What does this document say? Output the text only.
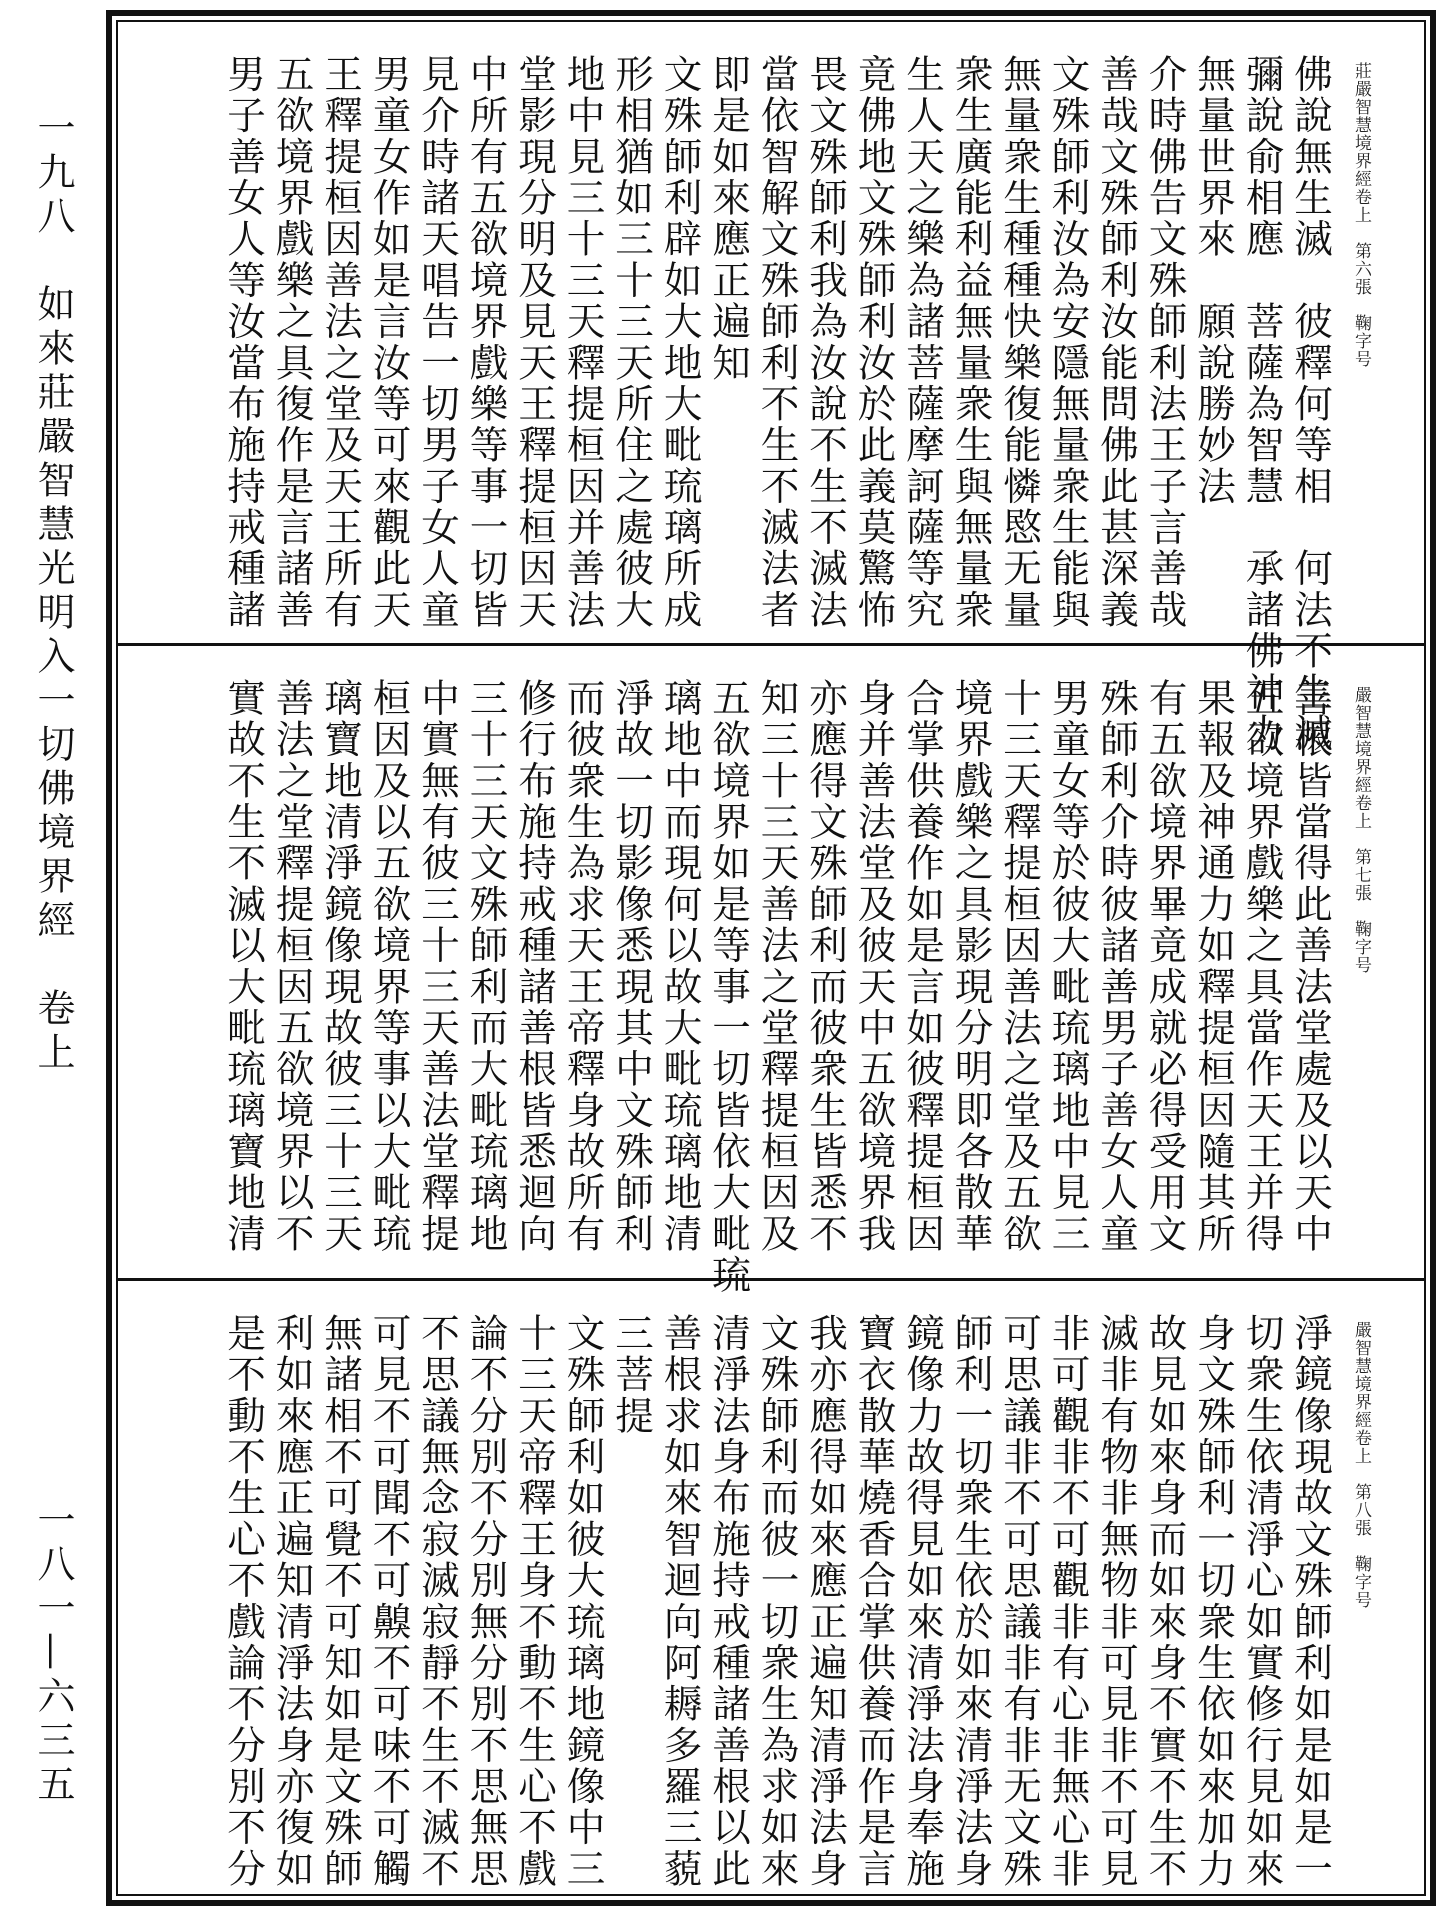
一九八　如來莊嚴智慧光明入一切佛境界經　卷上
一八一—六三五
莊嚴智慧境界經卷上　第六張　鞠字号
佛說無生滅　彼釋何等相　何法不生滅
彌說俞相應　菩薩為智慧　承諸佛神力
無量世界來　願說勝妙法
介時佛告文殊師利法王子言善哉
善哉文殊師利汝能問佛此甚深義
文殊師利汝為安隱無量衆生能與
無量衆生種種快樂復能憐愍无量
衆生廣能利益無量衆生與無量衆
生人天之樂為諸菩薩摩訶薩等究
竟佛地文殊師利汝於此義莫驚怖
畏文殊師利我為汝說不生不滅法
當依智解文殊師利不生不滅法者
即是如來應正遍知
文殊師利辟如大地大毗琉璃所成
形相猶如三十三天所住之處彼大
地中見三十三天釋提桓因并善法
堂影現分明及見天王釋提桓因天
中所有五欲境界戲樂等事一切皆
見介時諸天唱告一切男子女人童
男童女作如是言汝等可來觀此天
王釋提桓因善法之堂及天王所有
五欲境界戲樂之具復作是言諸善
男子善女人等汝當布施持戒種諸
嚴智慧境界經卷上　第七張　鞠字号
善根皆當得此善法堂處及以天中
五欲境界戲樂之具當作天王并得
果報及神通力如釋提桓因隨其所
有五欲境界畢竟成就必得受用文
殊師利介時彼諸善男子善女人童
男童女等於彼大毗琉璃地中見三
十三天釋提桓因善法之堂及五欲
境界戲樂之具影現分明即各散華
合掌供養作如是言如彼釋提桓因
身并善法堂及彼天中五欲境界我
亦應得文殊師利而彼衆生皆悉不
知三十三天善法之堂釋提桓因及
五欲境界如是等事一切皆依大毗琉
璃地中而現何以故大毗琉璃地清
淨故一切影像悉現其中文殊師利
而彼衆生為求天王帝釋身故所有
修行布施持戒種諸善根皆悉迴向
三十三天文殊師利而大毗琉璃地
中實無有彼三十三天善法堂釋提
桓因及以五欲境界等事以大毗琉
璃寶地清淨鏡像現故彼三十三天
善法之堂釋提桓因五欲境界以不
實故不生不滅以大毗琉璃寶地清
嚴智慧境界經卷上　第八張　鞠字号
淨鏡像現故文殊師利如是如是一
切衆生依清淨心如實修行見如來
身文殊師利一切衆生依如來加力
故見如來身而如來身不實不生不
滅非有物非無物非可見非不可見
非可觀非不可觀非有心非無心非
可思議非不可思議非有非无文殊
師利一切衆生依於如來清淨法身
鏡像力故得見如來清淨法身奉施
寶衣散華燒香合掌供養而作是言
我亦應得如來應正遍知清淨法身
文殊師利而彼一切衆生為求如來
清淨法身布施持戒種諸善根以此
善根求如來智迴向阿耨多羅三藐
三菩提
文殊師利如彼大琉璃地鏡像中三
十三天帝釋王身不動不生心不戲
論不分別不分別無分別不思無思
不思議無念寂滅寂靜不生不滅不
可見不可聞不可齅不可味不可觸
無諸相不可覺不可知如是文殊師
利如來應正遍知清淨法身亦復如
是不動不生心不戲論不分別不分
